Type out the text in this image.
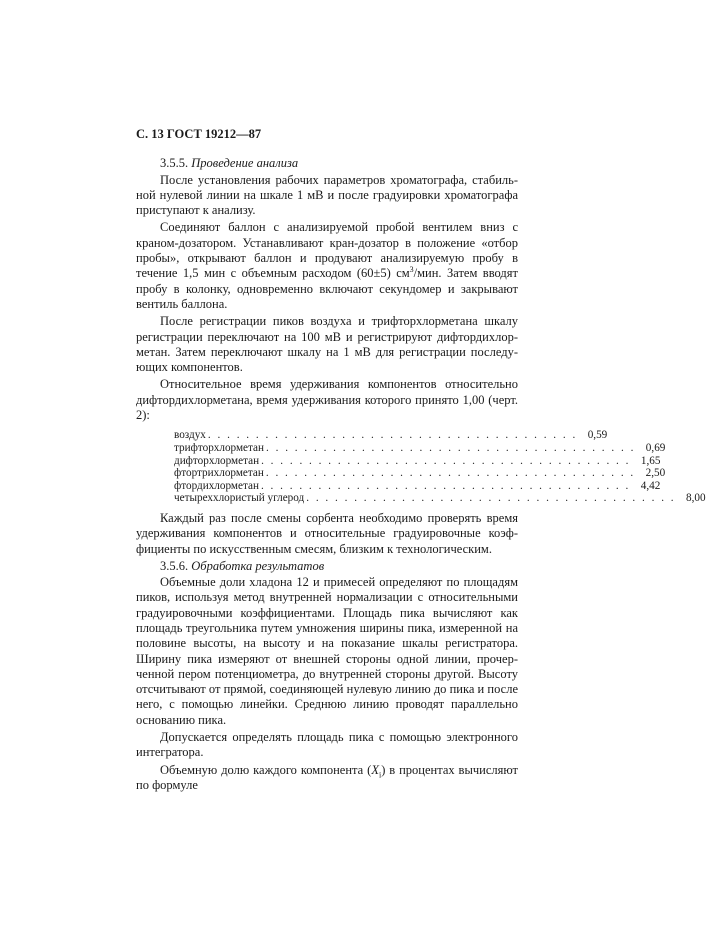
С. 13 ГОСТ 19212—87
3.5.5. Проведение анализа

После установления рабочих параметров хроматографа, стабильной нулевой линии на шкале 1 мВ и после градуировки хроматографа приступают к анализу.

Соединяют баллон с анализируемой пробой вентилем вниз с краном-дозатором. Устанавливают кран-дозатор в положение «отбор пробы», открывают баллон и продувают анализируемую пробу в течение 1,5 мин с объемным расходом (60±5) $см^3$/мин. Затем вводят пробу в колонку, одновременно включают секундомер и закрывают вентиль баллона.

После регистрации пиков воздуха и трифторхлорметана шкалу регистрации переключают на 100 мВ и регистрируют дифтордихлорметан. Затем переключают шкалу на 1 мВ для регистрации последующих компонентов.

Относительное время удерживания компонентов относительно дифтордихлорметана, время удерживания которого принято 1,00 (черт. 2):

воздух . . . . . . . . . . . . . . . . . . . . . . . . . . . . . . . . . . . . . . . 0,59
трифторхлорметан . . . . . . . . . . . . . . . . . . . . . . . . . . . . . . . . . . . . . . . 0,69
дифторхлорметан . . . . . . . . . . . . . . . . . . . . . . . . . . . . . . . . . . . . . . . 1,65
фтортрихлорметан . . . . . . . . . . . . . . . . . . . . . . . . . . . . . . . . . . . . . . . 2,50
фтордихлорметан . . . . . . . . . . . . . . . . . . . . . . . . . . . . . . . . . . . . . . . 4,42
четыреххлористый углерод . . . . . . . . . . . . . . . . . . . . . . . . . . . . . . . . . . . . . . . 8,00

Каждый раз после смены сорбента необходимо проверять время удерживания компонентов и относительные градуировочные коэффициенты по искусственным смесям, близким к технологическим.

3.5.6. Обработка результатов

Объемные доли хладона 12 и примесей определяют по площадям пиков, используя метод внутренней нормализации с относительными градуировочными коэффициентами. Площадь пика вычисляют как площадь треугольника путем умножения ширины пика, измеренной на половине высоты, на высоту и на показание шкалы регистратора. Ширину пика измеряют от внешней стороны одной линии, прочерченной пером потенциометра, до внутренней стороны другой. Высоту отсчитывают от прямой, соединяющей нулевую линию до пика и после него, с помощью линейки. Среднюю линию проводят параллельно основанию пика.

Допускается определять площадь пика с помощью электронного интегратора.

Объемную долю каждого компонента $(X_i)$ в процентах вычисляют по формуле
